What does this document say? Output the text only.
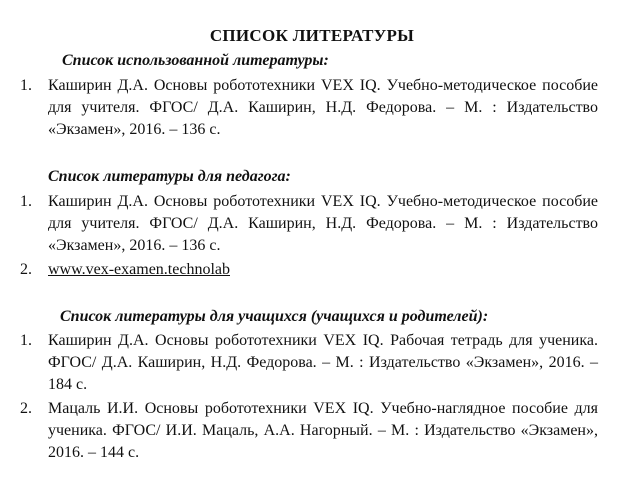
СПИСОК ЛИТЕРАТУРЫ
Список использованной литературы:
1.	Каширин Д.А. Основы робототехники VEX IQ. Учебно-методическое пособие для учителя. ФГОС/ Д.А. Каширин, Н.Д. Федорова. – М. : Издательство «Экзамен», 2016. – 136 с.
Список литературы для педагога:
1.	Каширин Д.А. Основы робототехники VEX IQ. Учебно-методическое пособие для учителя. ФГОС/ Д.А. Каширин, Н.Д. Федорова. – М. : Издательство «Экзамен», 2016. – 136 с.
2.	www.vex-examen.technolab
Список литературы для учащихся (учащихся и родителей):
1.	Каширин Д.А. Основы робототехники VEX IQ. Рабочая тетрадь для ученика. ФГОС/ Д.А. Каширин, Н.Д. Федорова. – М. : Издательство «Экзамен», 2016. – 184 с.
2.	Мацаль И.И. Основы робототехники VEX IQ. Учебно-наглядное пособие для ученика. ФГОС/ И.И. Мацаль, А.А. Нагорный. – М. : Издательство «Экзамен», 2016. – 144 с.
